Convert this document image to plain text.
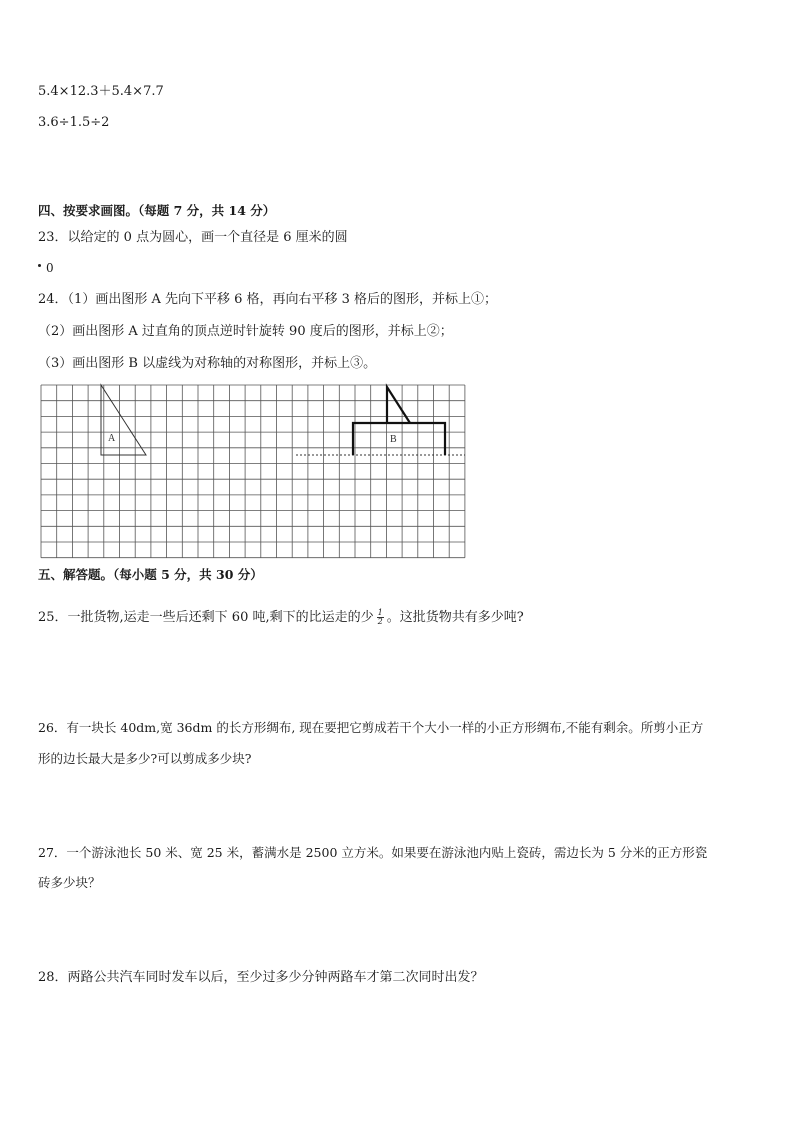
5.4×12.3＋5.4×7.7
3.6÷1.5÷2
四、按要求画图。（每题 7 分，共 14 分）
23．以给定的 0 点为圆心，画一个直径是 6 厘米的圆
0
24．（1）画出图形 A 先向下平移 6 格，再向右平移 3 格后的图形，并标上①；
（2）画出图形 A 过直角的顶点逆时针旋转 90 度后的图形，并标上②；
（3）画出图形 B 以虚线为对称轴的对称图形，并标上③。
A	B
五、解答题。（每小题 5 分，共 30 分）
25．一批货物,运走一些后还剩下 60 吨,剩下的比运走的少 $\frac{1}{2}$ 。这批货物共有多少吨?
26．有一块长 40dm,宽 36dm 的长方形绸布, 现在要把它剪成若干个大小一样的小正方形绸布,不能有剩余。所剪小正方
形的边长最大是多少?可以剪成多少块?
27．一个游泳池长 50 米、宽 25 米，蓄满水是 2500 立方米。如果要在游泳池内贴上瓷砖，需边长为 5 分米的正方形瓷
砖多少块？
28．两路公共汽车同时发车以后，至少过多少分钟两路车才第二次同时出发？
